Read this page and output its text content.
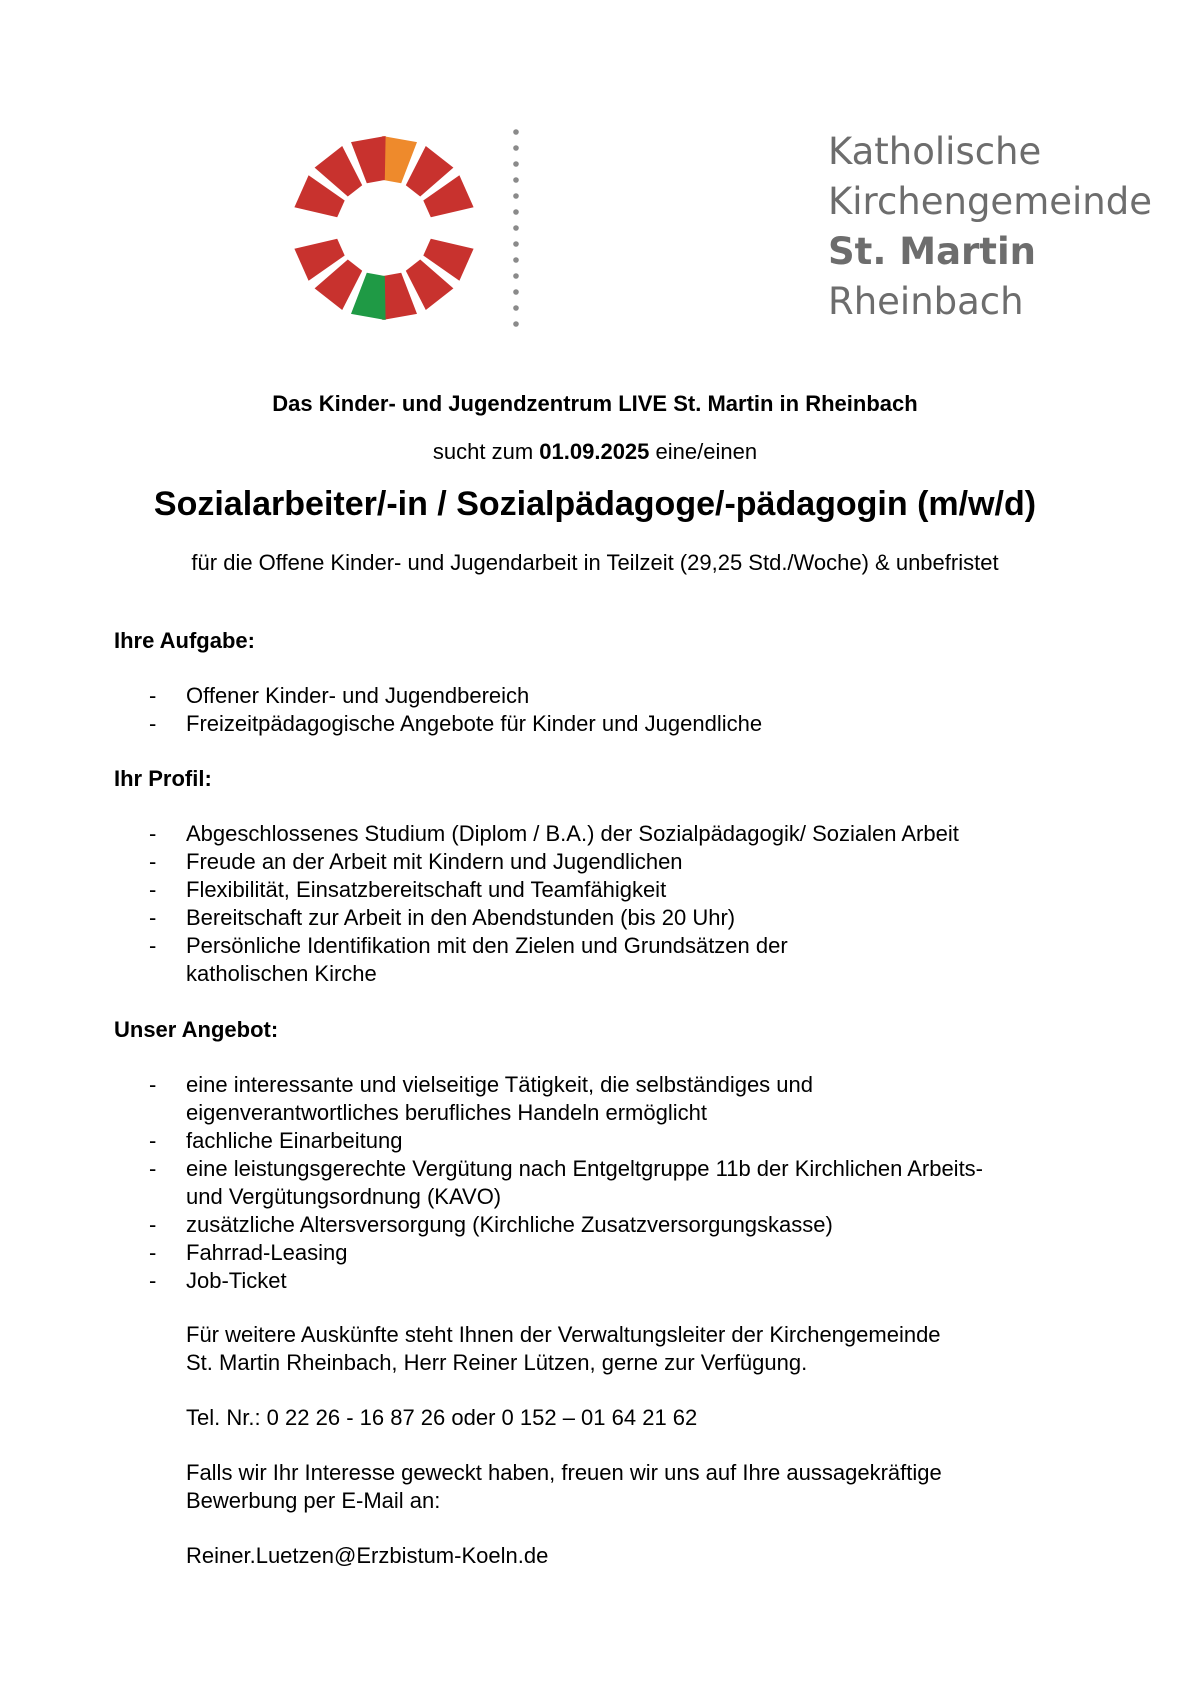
Katholische
Kirchengemeinde
St. Martin
Rheinbach
Das Kinder- und Jugendzentrum LIVE St. Martin in Rheinbach
sucht zum 01.09.2025 eine/einen
Sozialarbeiter/-in / Sozialpädagoge/-pädagogin (m/w/d)
für die Offene Kinder- und Jugendarbeit in Teilzeit (29,25 Std./Woche) & unbefristet
Ihre Aufgabe:
- Offener Kinder- und Jugendbereich
- Freizeitpädagogische Angebote für Kinder und Jugendliche
Ihr Profil:
- Abgeschlossenes Studium (Diplom / B.A.) der Sozialpädagogik/ Sozialen Arbeit
- Freude an der Arbeit mit Kindern und Jugendlichen
- Flexibilität, Einsatzbereitschaft und Teamfähigkeit
- Bereitschaft zur Arbeit in den Abendstunden (bis 20 Uhr)
- Persönliche Identifikation mit den Zielen und Grundsätzen der
katholischen Kirche
Unser Angebot:
- eine interessante und vielseitige Tätigkeit, die selbständiges und
eigenverantwortliches berufliches Handeln ermöglicht
- fachliche Einarbeitung
- eine leistungsgerechte Vergütung nach Entgeltgruppe 11b der Kirchlichen Arbeits-
und Vergütungsordnung (KAVO)
- zusätzliche Altersversorgung (Kirchliche Zusatzversorgungskasse)
- Fahrrad-Leasing
- Job-Ticket

Für weitere Auskünfte steht Ihnen der Verwaltungsleiter der Kirchengemeinde
St. Martin Rheinbach, Herr Reiner Lützen, gerne zur Verfügung.

Tel. Nr.: 0 22 26 - 16 87 26 oder 0 152 – 01 64 21 62

Falls wir Ihr Interesse geweckt haben, freuen wir uns auf Ihre aussagekräftige
Bewerbung per E-Mail an:

Reiner.Luetzen@Erzbistum-Koeln.de
